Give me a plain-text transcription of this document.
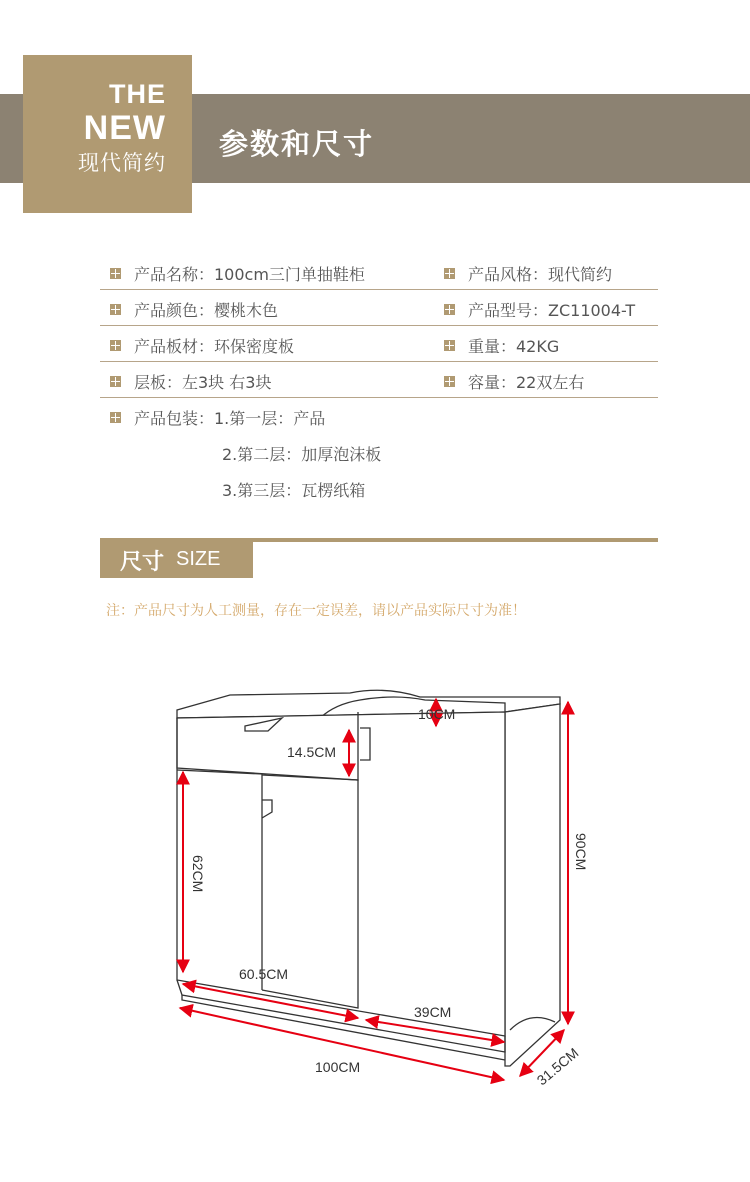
THE
NEW
现代简约
参数和尺寸
产品名称：100cm三门单抽鞋柜	产品风格：现代简约
产品颜色：樱桃木色	产品型号：ZC11004-T
产品板材：环保密度板	重量：42KG
层板：左3块 右3块	容量：22双左右
产品包装：1.第一层：产品
2.第二层：加厚泡沫板
3.第三层：瓦楞纸箱
尺寸 SIZE
注：产品尺寸为人工测量，存在一定误差，请以产品实际尺寸为准！
10CM
14.5CM
62CM
90CM
60.5CM
39CM
100CM	31.5CM
